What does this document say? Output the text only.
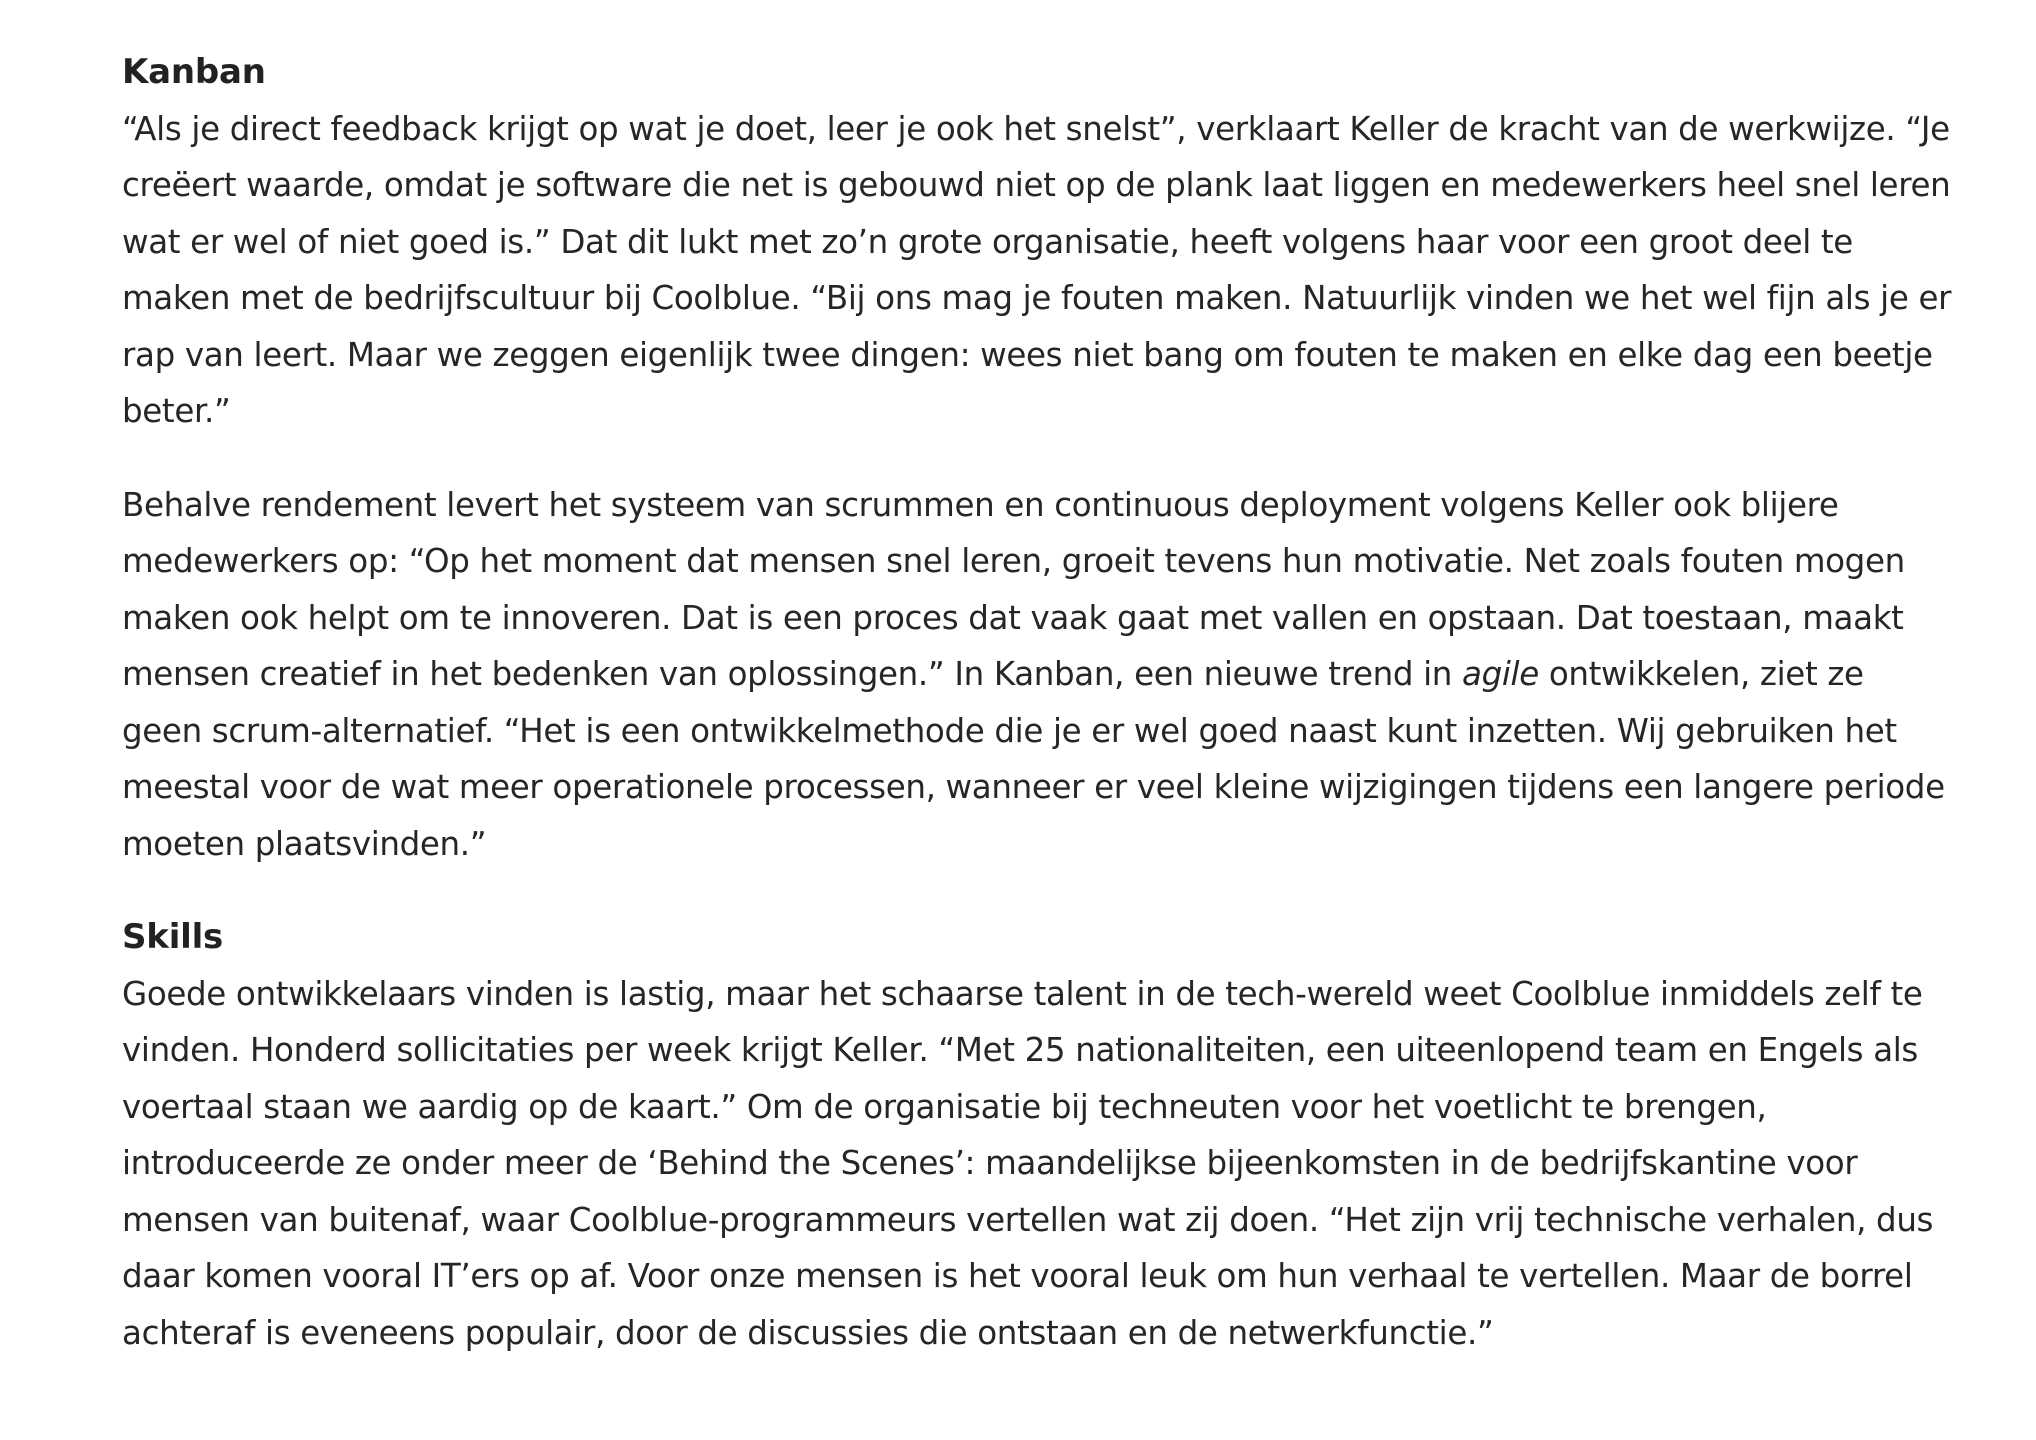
Kanban

“Als je direct feedback krijgt op wat je doet, leer je ook het snelst”, verklaart Keller de kracht van de werkwijze. “Je creëert waarde, omdat je software die net is gebouwd niet op de plank laat liggen en medewerkers heel snel leren wat er wel of niet goed is.” Dat dit lukt met zo’n grote organisatie, heeft volgens haar voor een groot deel te maken met de bedrijfscultuur bij Coolblue. “Bij ons mag je fouten maken. Natuurlijk vinden we het wel fijn als je er rap van leert. Maar we zeggen eigenlijk twee dingen: wees niet bang om fouten te maken en elke dag een beetje beter.”

Behalve rendement levert het systeem van scrummen en continuous deployment volgens Keller ook blijere medewerkers op: “Op het moment dat mensen snel leren, groeit tevens hun motivatie. Net zoals fouten mogen maken ook helpt om te innoveren. Dat is een proces dat vaak gaat met vallen en opstaan. Dat toestaan, maakt mensen creatief in het bedenken van oplossingen.” In Kanban, een nieuwe trend in agile ontwikkelen, ziet ze geen scrum-alternatief. “Het is een ontwikkelmethode die je er wel goed naast kunt inzetten. Wij gebruiken het meestal voor de wat meer operationele processen, wanneer er veel kleine wijzigingen tijdens een langere periode moeten plaatsvinden.”

Skills

Goede ontwikkelaars vinden is lastig, maar het schaarse talent in de tech-wereld weet Coolblue inmiddels zelf te vinden. Honderd sollicitaties per week krijgt Keller. “Met 25 nationaliteiten, een uiteenlopend team en Engels als voertaal staan we aardig op de kaart.” Om de organisatie bij techneuten voor het voetlicht te brengen, introduceerde ze onder meer de ‘Behind the Scenes’: maandelijkse bijeenkomsten in de bedrijfskantine voor mensen van buitenaf, waar Coolblue-programmeurs vertellen wat zij doen. “Het zijn vrij technische verhalen, dus daar komen vooral IT’ers op af. Voor onze mensen is het vooral leuk om hun verhaal te vertellen. Maar de borrel achteraf is eveneens populair, door de discussies die ontstaan en de netwerkfunctie.”
